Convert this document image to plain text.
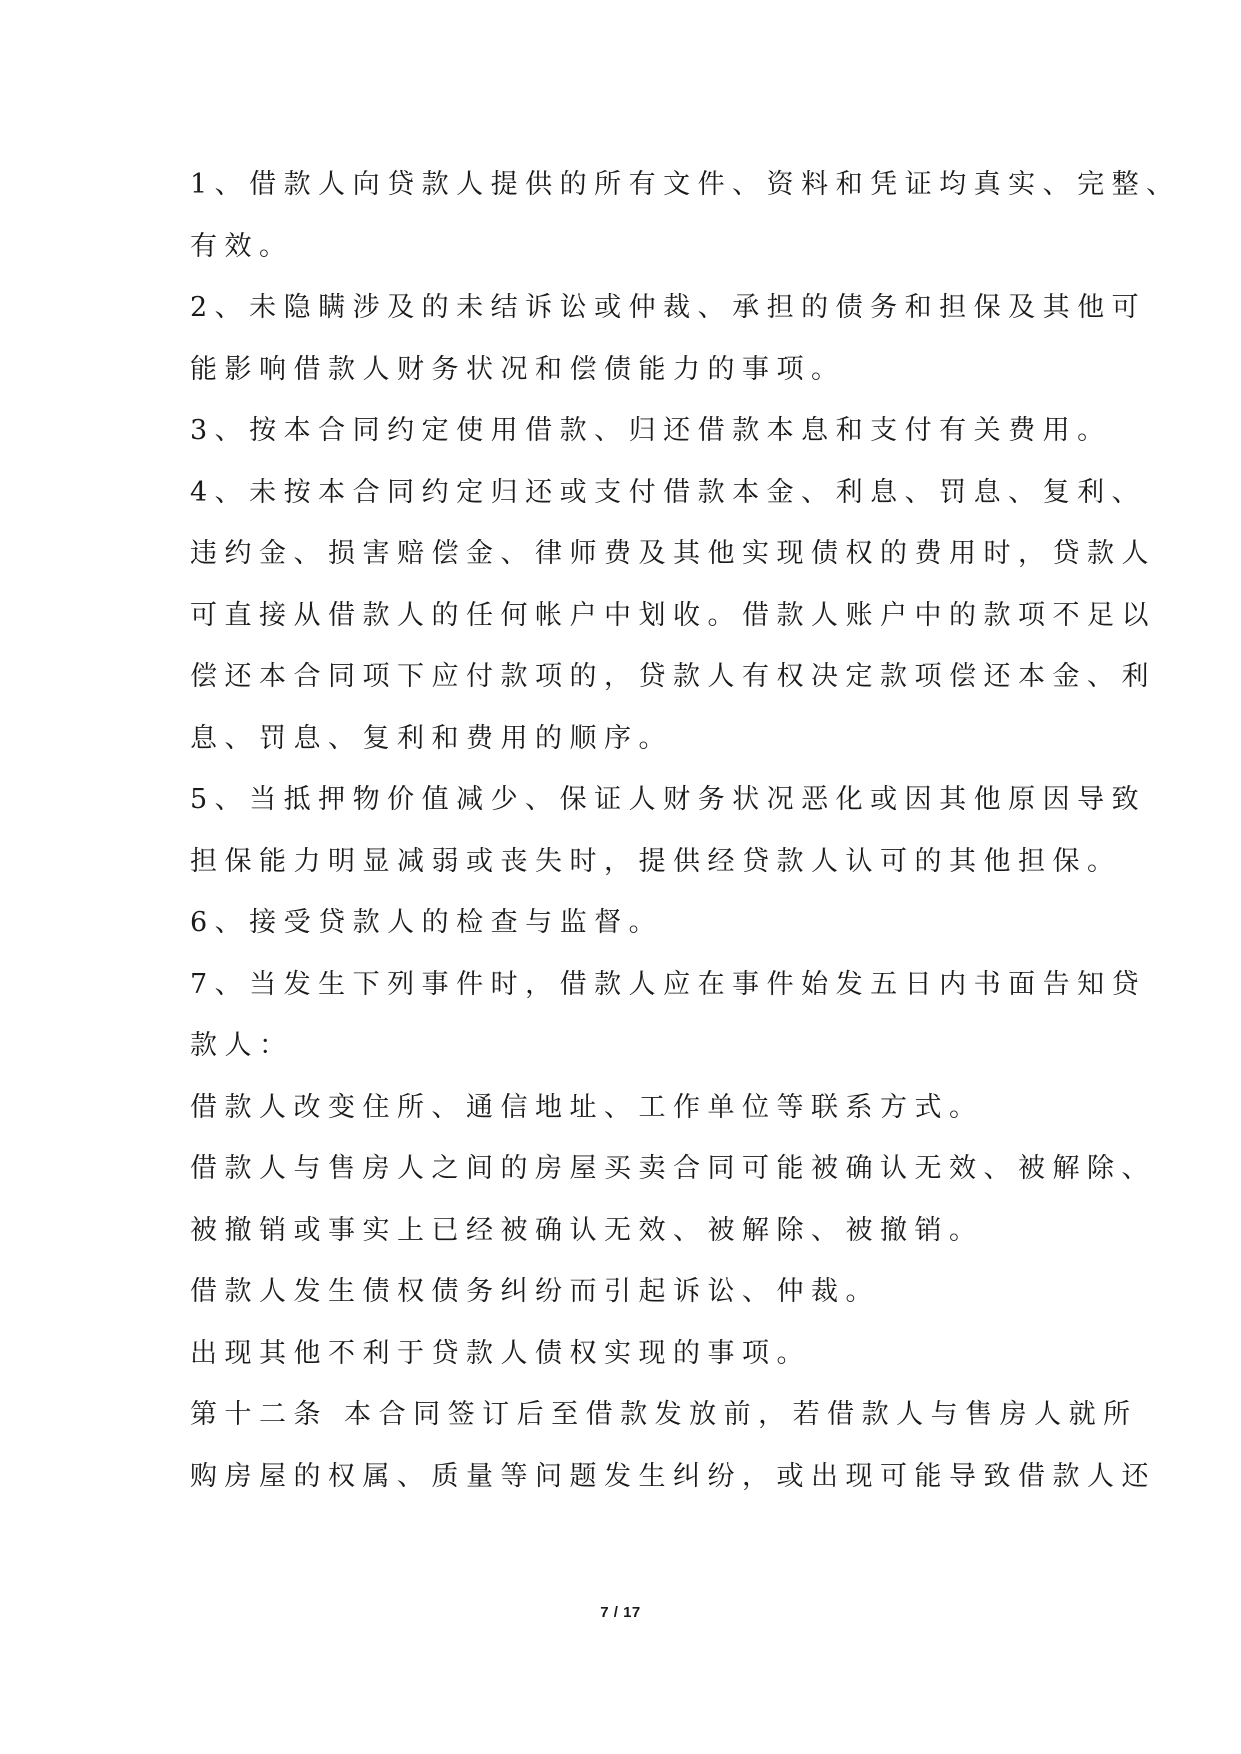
1、借款人向贷款人提供的所有文件、资料和凭证均真实、完整、
有效。
2、未隐瞒涉及的未结诉讼或仲裁、承担的债务和担保及其他可
能影响借款人财务状况和偿债能力的事项。
3、按本合同约定使用借款、归还借款本息和支付有关费用。
4、未按本合同约定归还或支付借款本金、利息、罚息、复利、
违约金、损害赔偿金、律师费及其他实现债权的费用时，贷款人
可直接从借款人的任何帐户中划收。借款人账户中的款项不足以
偿还本合同项下应付款项的，贷款人有权决定款项偿还本金、利
息、罚息、复利和费用的顺序。
5、当抵押物价值减少、保证人财务状况恶化或因其他原因导致
担保能力明显减弱或丧失时，提供经贷款人认可的其他担保。
6、接受贷款人的检查与监督。
7、当发生下列事件时，借款人应在事件始发五日内书面告知贷
款人：
借款人改变住所、通信地址、工作单位等联系方式。
借款人与售房人之间的房屋买卖合同可能被确认无效、被解除、
被撤销或事实上已经被确认无效、被解除、被撤销。
借款人发生债权债务纠纷而引起诉讼、仲裁。
出现其他不利于贷款人债权实现的事项。
第十二条 本合同签订后至借款发放前，若借款人与售房人就所
购房屋的权属、质量等问题发生纠纷，或出现可能导致借款人还
7 / 17
